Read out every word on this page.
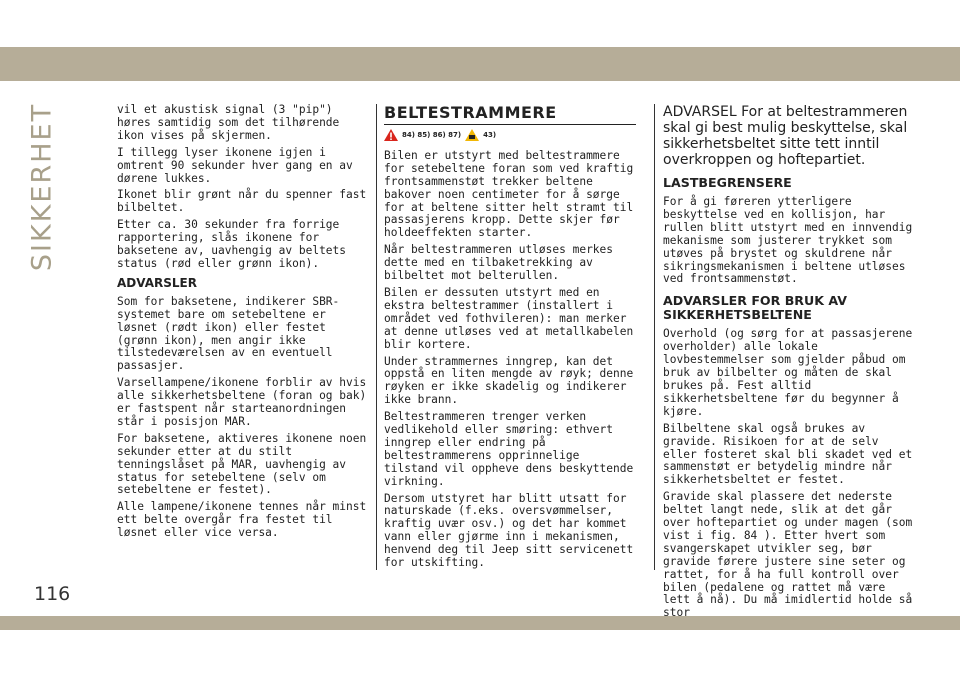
SIKKERHET
116

vil et akustisk signal (3 "pip") høres samtidig som det tilhørende ikon vises på skjermen.

I tillegg lyser ikonene igjen i omtrent 90 sekunder hver gang en av dørene lukkes.

Ikonet blir grønt når du spenner fast bilbeltet.

Etter ca. 30 sekunder fra forrige rapportering, slås ikonene for baksetene av, uavhengig av beltets status (rød eller grønn ikon).

ADVARSLER

Som for baksetene, indikerer SBR-systemet bare om setebeltene er løsnet (rødt ikon) eller festet (grønn ikon), men angir ikke tilstedeværelsen av en eventuell passasjer.

Varsellampene/ikonene forblir av hvis alle sikkerhetsbeltene (foran og bak) er fastspent når starteanordningen står i posisjon MAR.

For baksetene, aktiveres ikonene noen sekunder etter at du stilt tenningslåset på MAR, uavhengig av status for setebeltene (selv om setebeltene er festet).

Alle lampene/ikonene tennes når minst ett belte overgår fra festet til løsnet eller vice versa.

BELTESTRAMMERE
84) 85) 86) 87)	43)

Bilen er utstyrt med beltestrammere for setebeltene foran som ved kraftig frontsammenstøt trekker beltene bakover noen centimeter for å sørge for at beltene sitter helt stramt til passasjerens kropp. Dette skjer før holdeeffekten starter.

Når beltestrammeren utløses merkes dette med en tilbaketrekking av bilbeltet mot belterullen.

Bilen er dessuten utstyrt med en ekstra beltestrammer (installert i området ved fothvileren): man merker at denne utløses ved at metallkabelen blir kortere.

Under strammernes inngrep, kan det oppstå en liten mengde av røyk; denne røyken er ikke skadelig og indikerer ikke brann.

Beltestrammeren trenger verken vedlikehold eller smøring: ethvert inngrep eller endring på beltestrammerens opprinnelige tilstand vil oppheve dens beskyttende virkning.

Dersom utstyret har blitt utsatt for naturskade (f.eks. oversvømmelser, kraftig uvær osv.) og det har kommet vann eller gjørme inn i mekanismen, henvend deg til Jeep sitt servicenett for utskifting.

ADVARSEL For at beltestrammeren skal gi best mulig beskyttelse, skal sikkerhetsbeltet sitte tett inntil overkroppen og hoftepartiet.

LASTBEGRENSERE

For å gi føreren ytterligere beskyttelse ved en kollisjon, har rullen blitt utstyrt med en innvendig mekanisme som justerer trykket som utøves på brystet og skuldrene når sikringsmekanismen i beltene utløses ved frontsammenstøt.

ADVARSLER FOR BRUK AV SIKKERHETSBELTENE

Overhold (og sørg for at passasjerene overholder) alle lokale lovbestemmelser som gjelder påbud om bruk av bilbelter og måten de skal brukes på. Fest alltid sikkerhetsbeltene før du begynner å kjøre.

Bilbeltene skal også brukes av gravide. Risikoen for at de selv eller fosteret skal bli skadet ved et sammenstøt er betydelig mindre når sikkerhetsbeltet er festet.

Gravide skal plassere det nederste beltet langt nede, slik at det går over hoftepartiet og under magen (som vist i fig. 84 ). Etter hvert som svangerskapet utvikler seg, bør gravide førere justere sine seter og rattet, for å ha full kontroll over bilen (pedalene og rattet må være lett å nå). Du må imidlertid holde så stor
